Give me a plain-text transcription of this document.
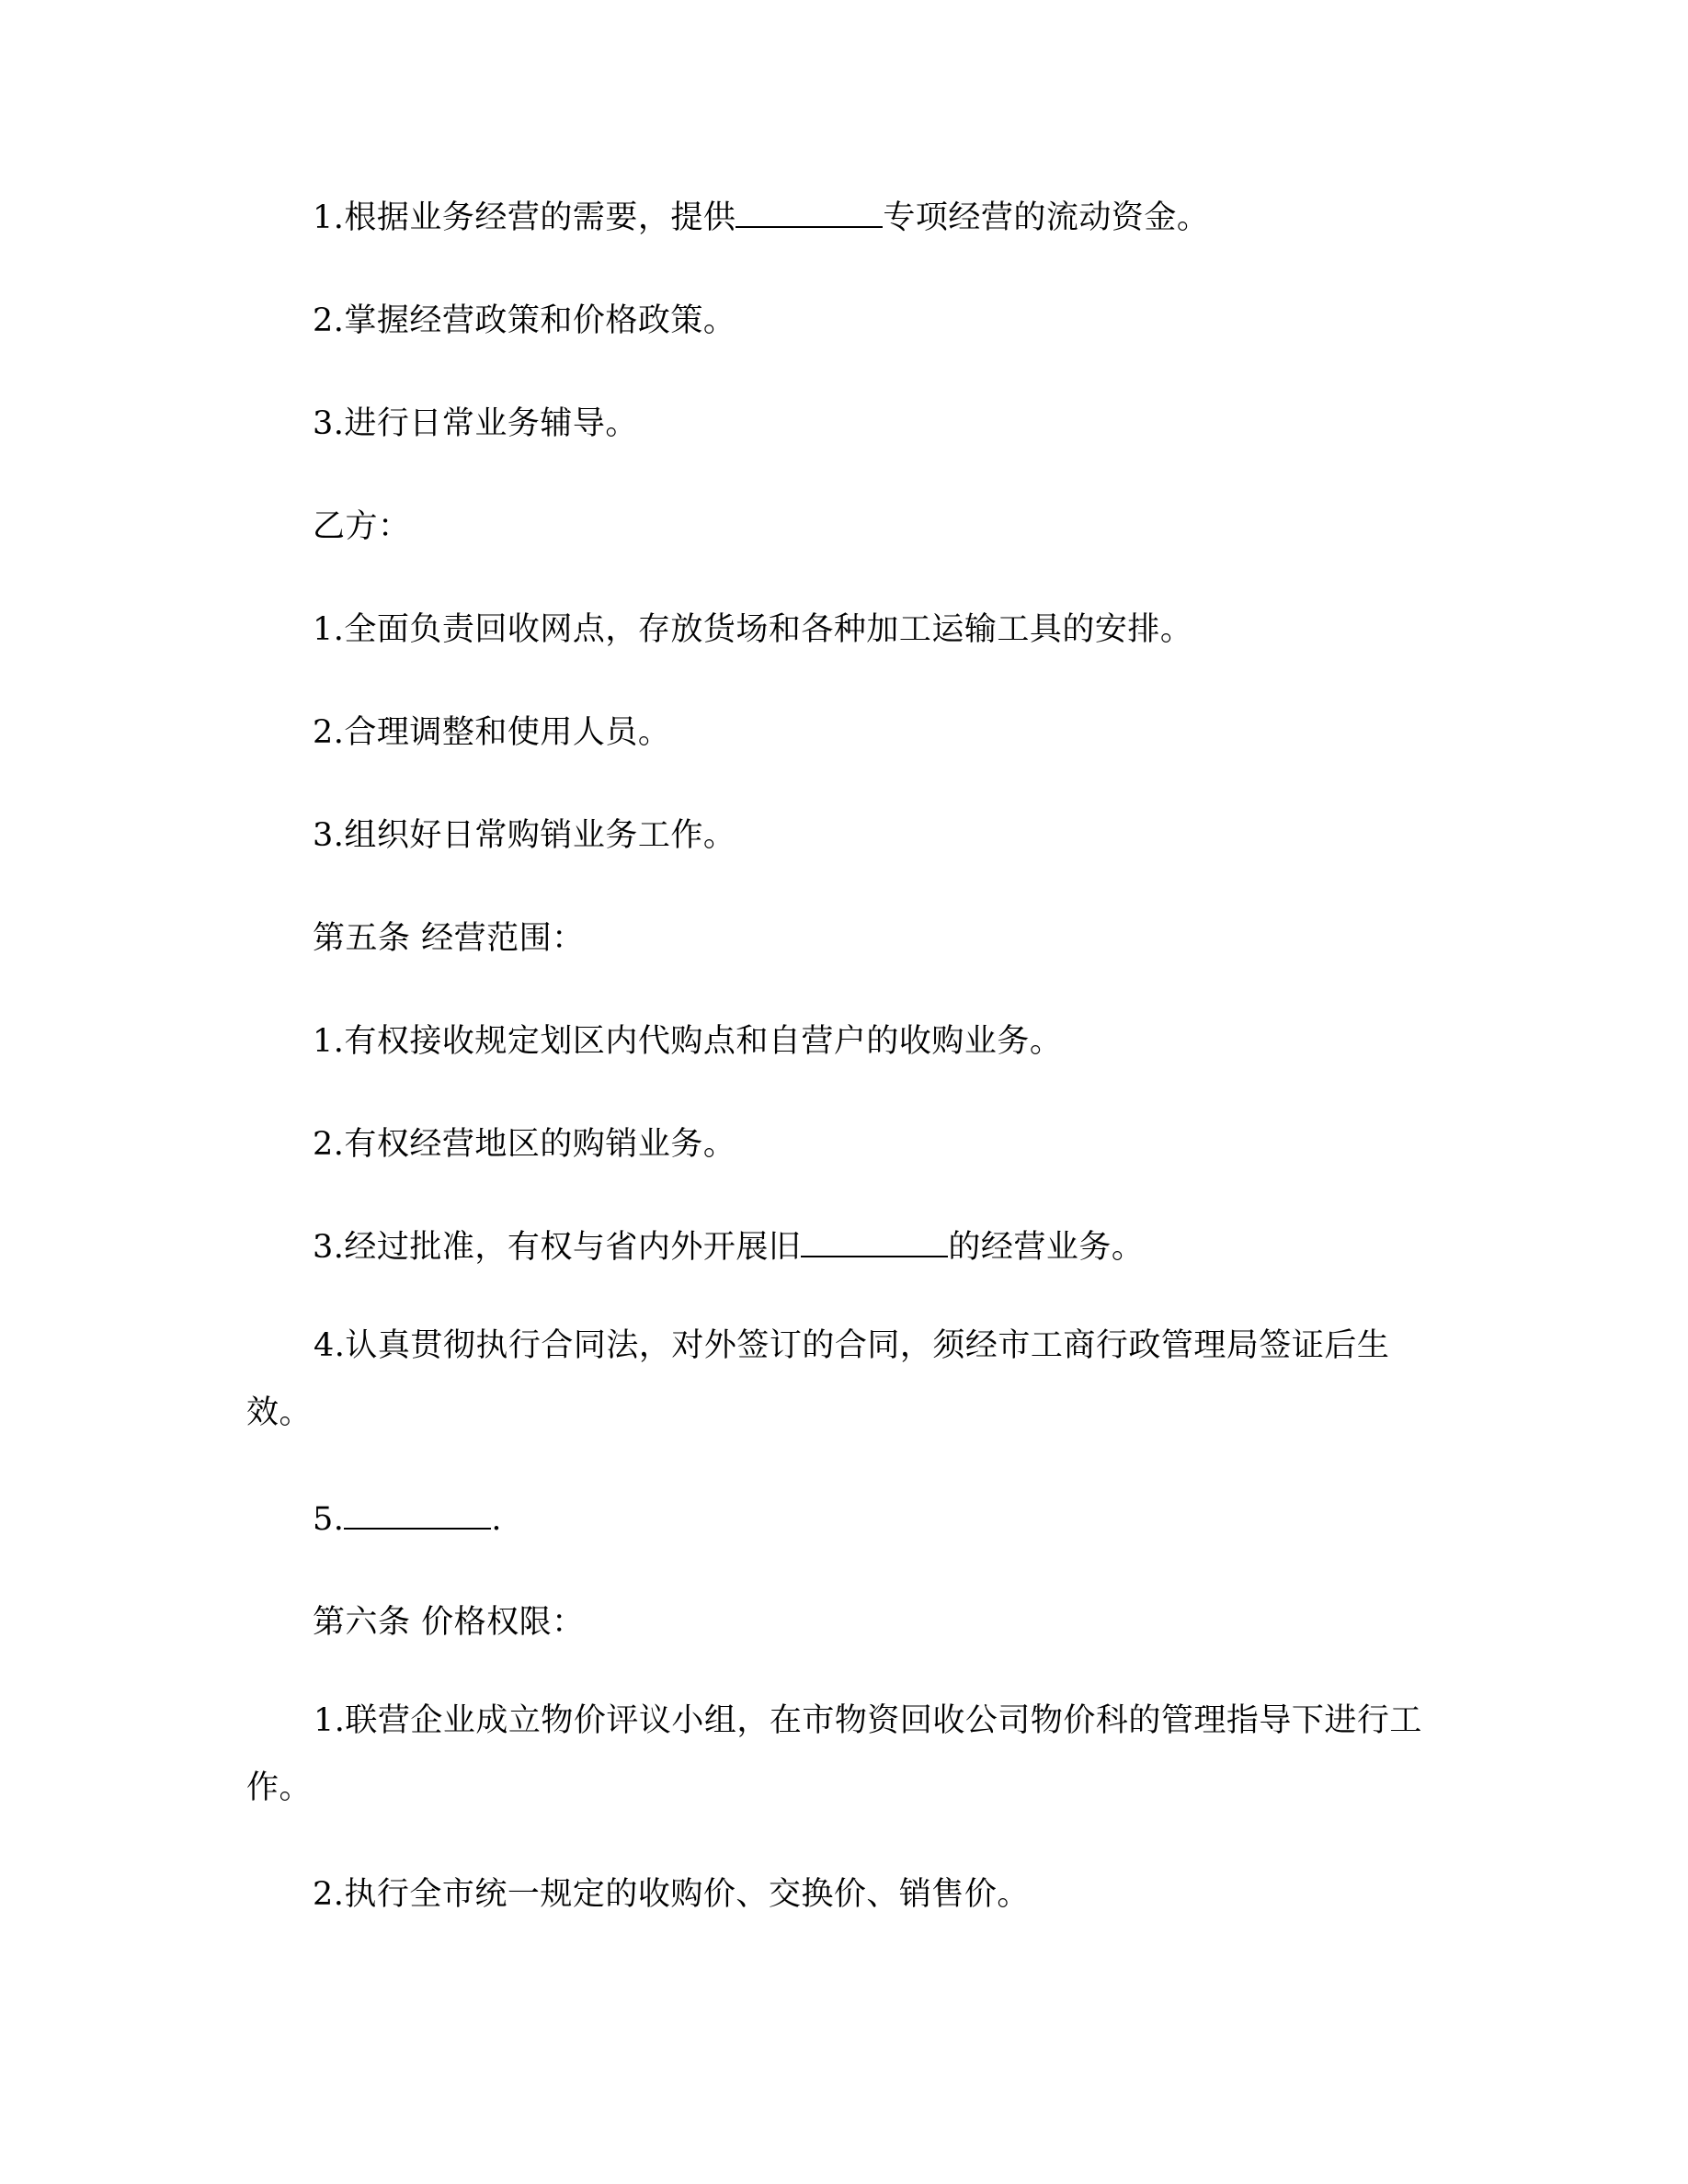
1.根据业务经营的需要，提供	专项经营的流动资金。
2.掌握经营政策和价格政策。
3.进行日常业务辅导。
乙方：
1.全面负责回收网点，存放货场和各种加工运输工具的安排。
2.合理调整和使用人员。
3.组织好日常购销业务工作。
第五条 经营范围：
1.有权接收规定划区内代购点和自营户的收购业务。
2.有权经营地区的购销业务。
3.经过批准，有权与省内外开展旧	的经营业务。
4.认真贯彻执行合同法，对外签订的合同，须经市工商行政管理局签证后生效。
5.	.
第六条 价格权限：
1.联营企业成立物价评议小组，在市物资回收公司物价科的管理指导下进行工作。
2.执行全市统一规定的收购价、交换价、销售价。
